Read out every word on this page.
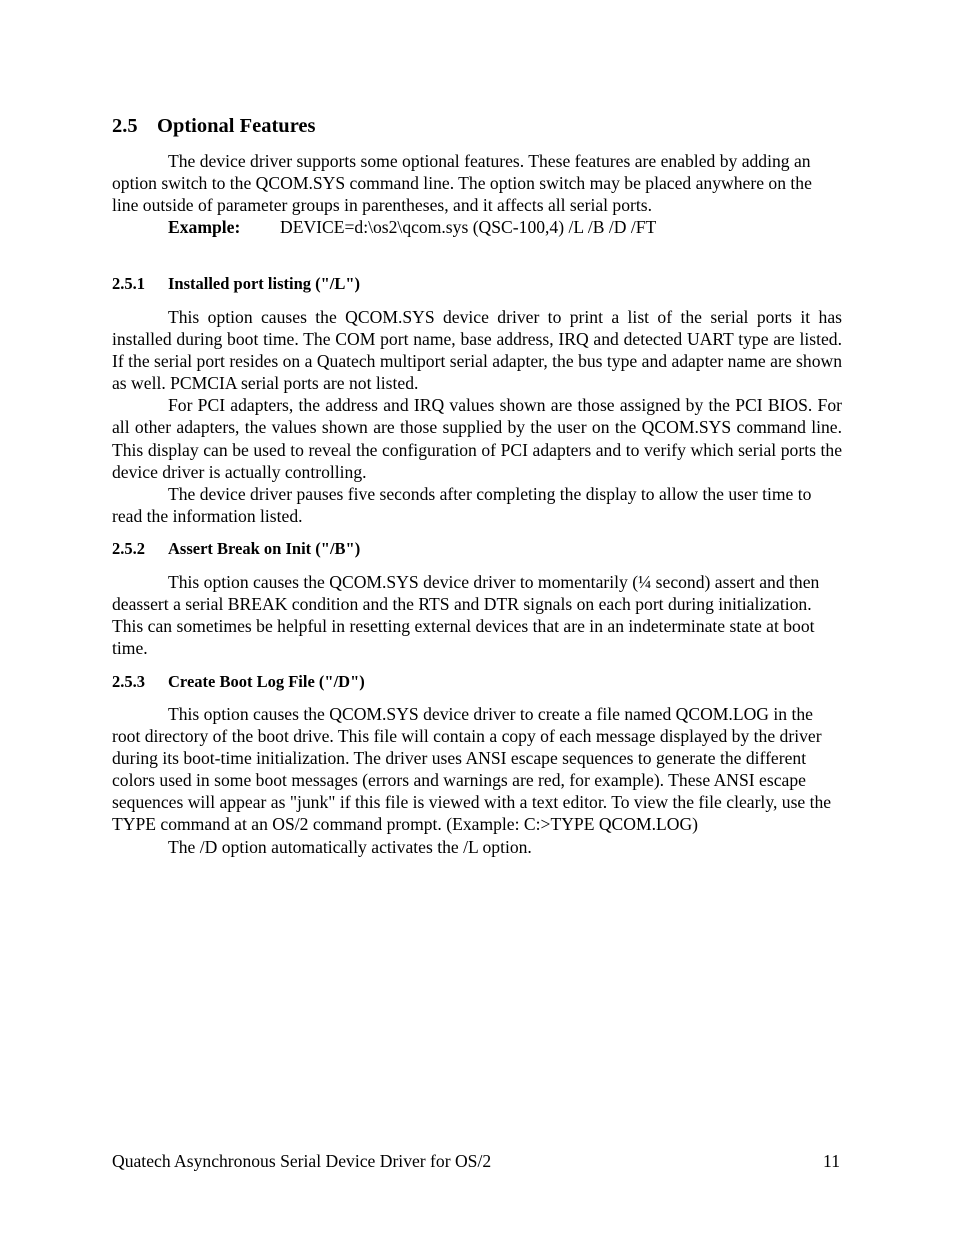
2.5 Optional Features

The device driver supports some optional features. These features are enabled by adding an option switch to the QCOM.SYS command line. The option switch may be placed anywhere on the line outside of parameter groups in parentheses, and it affects all serial ports.

Example: DEVICE=d:\os2\qcom.sys (QSC-100,4) /L /B /D /FT
2.5.1 Installed port listing ("/L")

This option causes the QCOM.SYS device driver to print a list of the serial ports it has installed during boot time. The COM port name, base address, IRQ and detected UART type are listed. If the serial port resides on a Quatech multiport serial adapter, the bus type and adapter name are shown as well. PCMCIA serial ports are not listed.

For PCI adapters, the address and IRQ values shown are those assigned by the PCI BIOS. For all other adapters, the values shown are those supplied by the user on the QCOM.SYS command line. This display can be used to reveal the configuration of PCI adapters and to verify which serial ports the device driver is actually controlling.

The device driver pauses five seconds after completing the display to allow the user time to read the information listed.

2.5.2 Assert Break on Init ("/B")

This option causes the QCOM.SYS device driver to momentarily (¼ second) assert and then deassert a serial BREAK condition and the RTS and DTR signals on each port during initialization. This can sometimes be helpful in resetting external devices that are in an indeterminate state at boot time.

2.5.3 Create Boot Log File ("/D")

This option causes the QCOM.SYS device driver to create a file named QCOM.LOG in the root directory of the boot drive. This file will contain a copy of each message displayed by the driver during its boot-time initialization. The driver uses ANSI escape sequences to generate the different colors used in some boot messages (errors and warnings are red, for example). These ANSI escape sequences will appear as "junk" if this file is viewed with a text editor. To view the file clearly, use the TYPE command at an OS/2 command prompt. (Example: C:>TYPE QCOM.LOG)

The /D option automatically activates the /L option.

Quatech Asynchronous Serial Device Driver for OS/2	11
